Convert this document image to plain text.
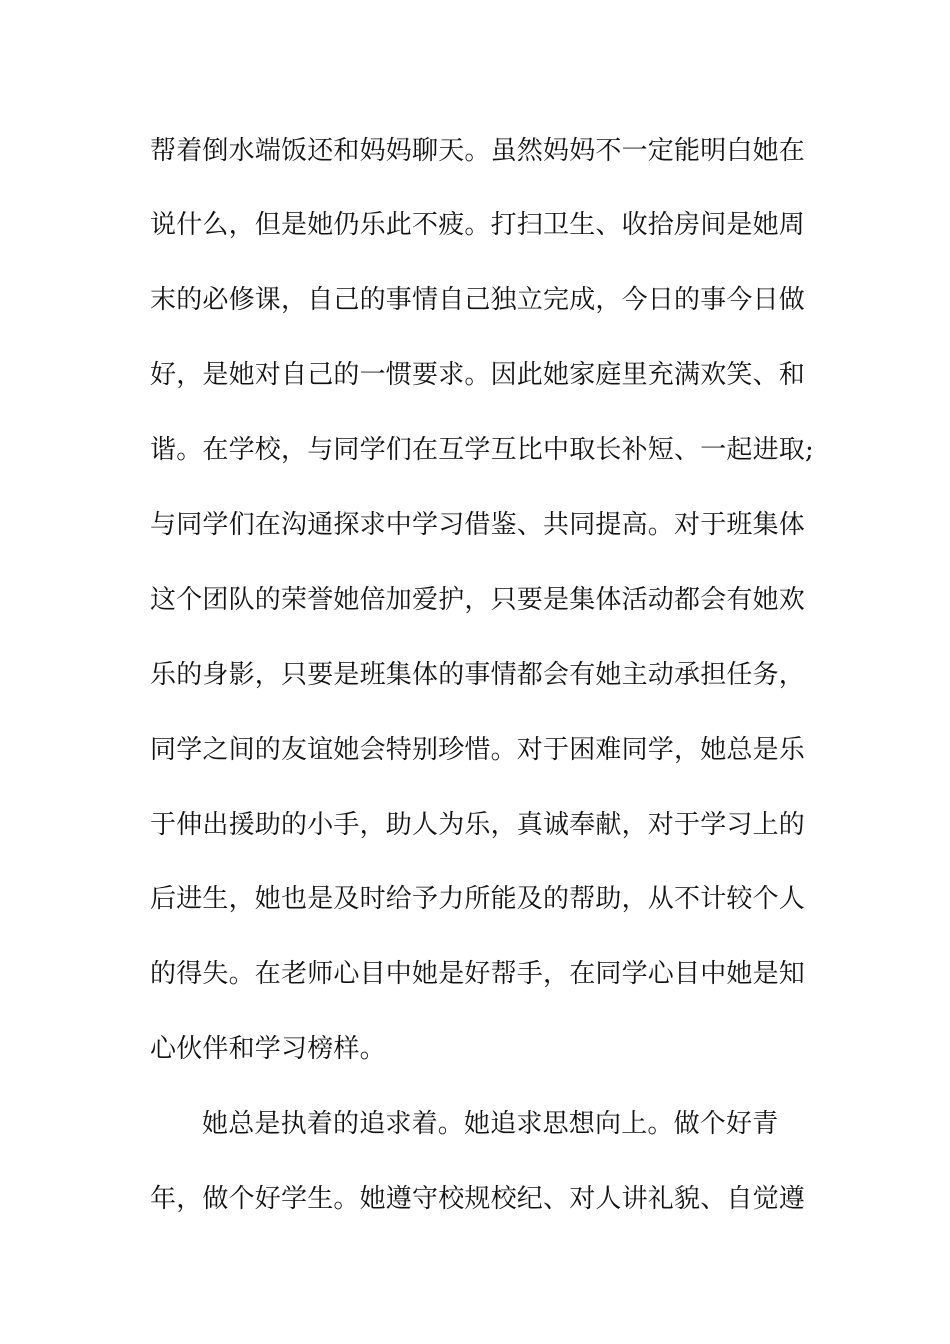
帮着倒水端饭还和妈妈聊天。虽然妈妈不一定能明白她在
说什么，但是她仍乐此不疲。打扫卫生、收拾房间是她周
末的必修课，自己的事情自己独立完成，今日的事今日做
好，是她对自己的一惯要求。因此她家庭里充满欢笑、和
谐。在学校，与同学们在互学互比中取长补短、一起进取;
与同学们在沟通探求中学习借鉴、共同提高。对于班集体
这个团队的荣誉她倍加爱护，只要是集体活动都会有她欢
乐的身影，只要是班集体的事情都会有她主动承担任务，
同学之间的友谊她会特别珍惜。对于困难同学，她总是乐
于伸出援助的小手，助人为乐，真诚奉献，对于学习上的
后进生，她也是及时给予力所能及的帮助，从不计较个人
的得失。在老师心目中她是好帮手，在同学心目中她是知
心伙伴和学习榜样。
她总是执着的追求着。她追求思想向上。做个好青
年，做个好学生。她遵守校规校纪、对人讲礼貌、自觉遵
